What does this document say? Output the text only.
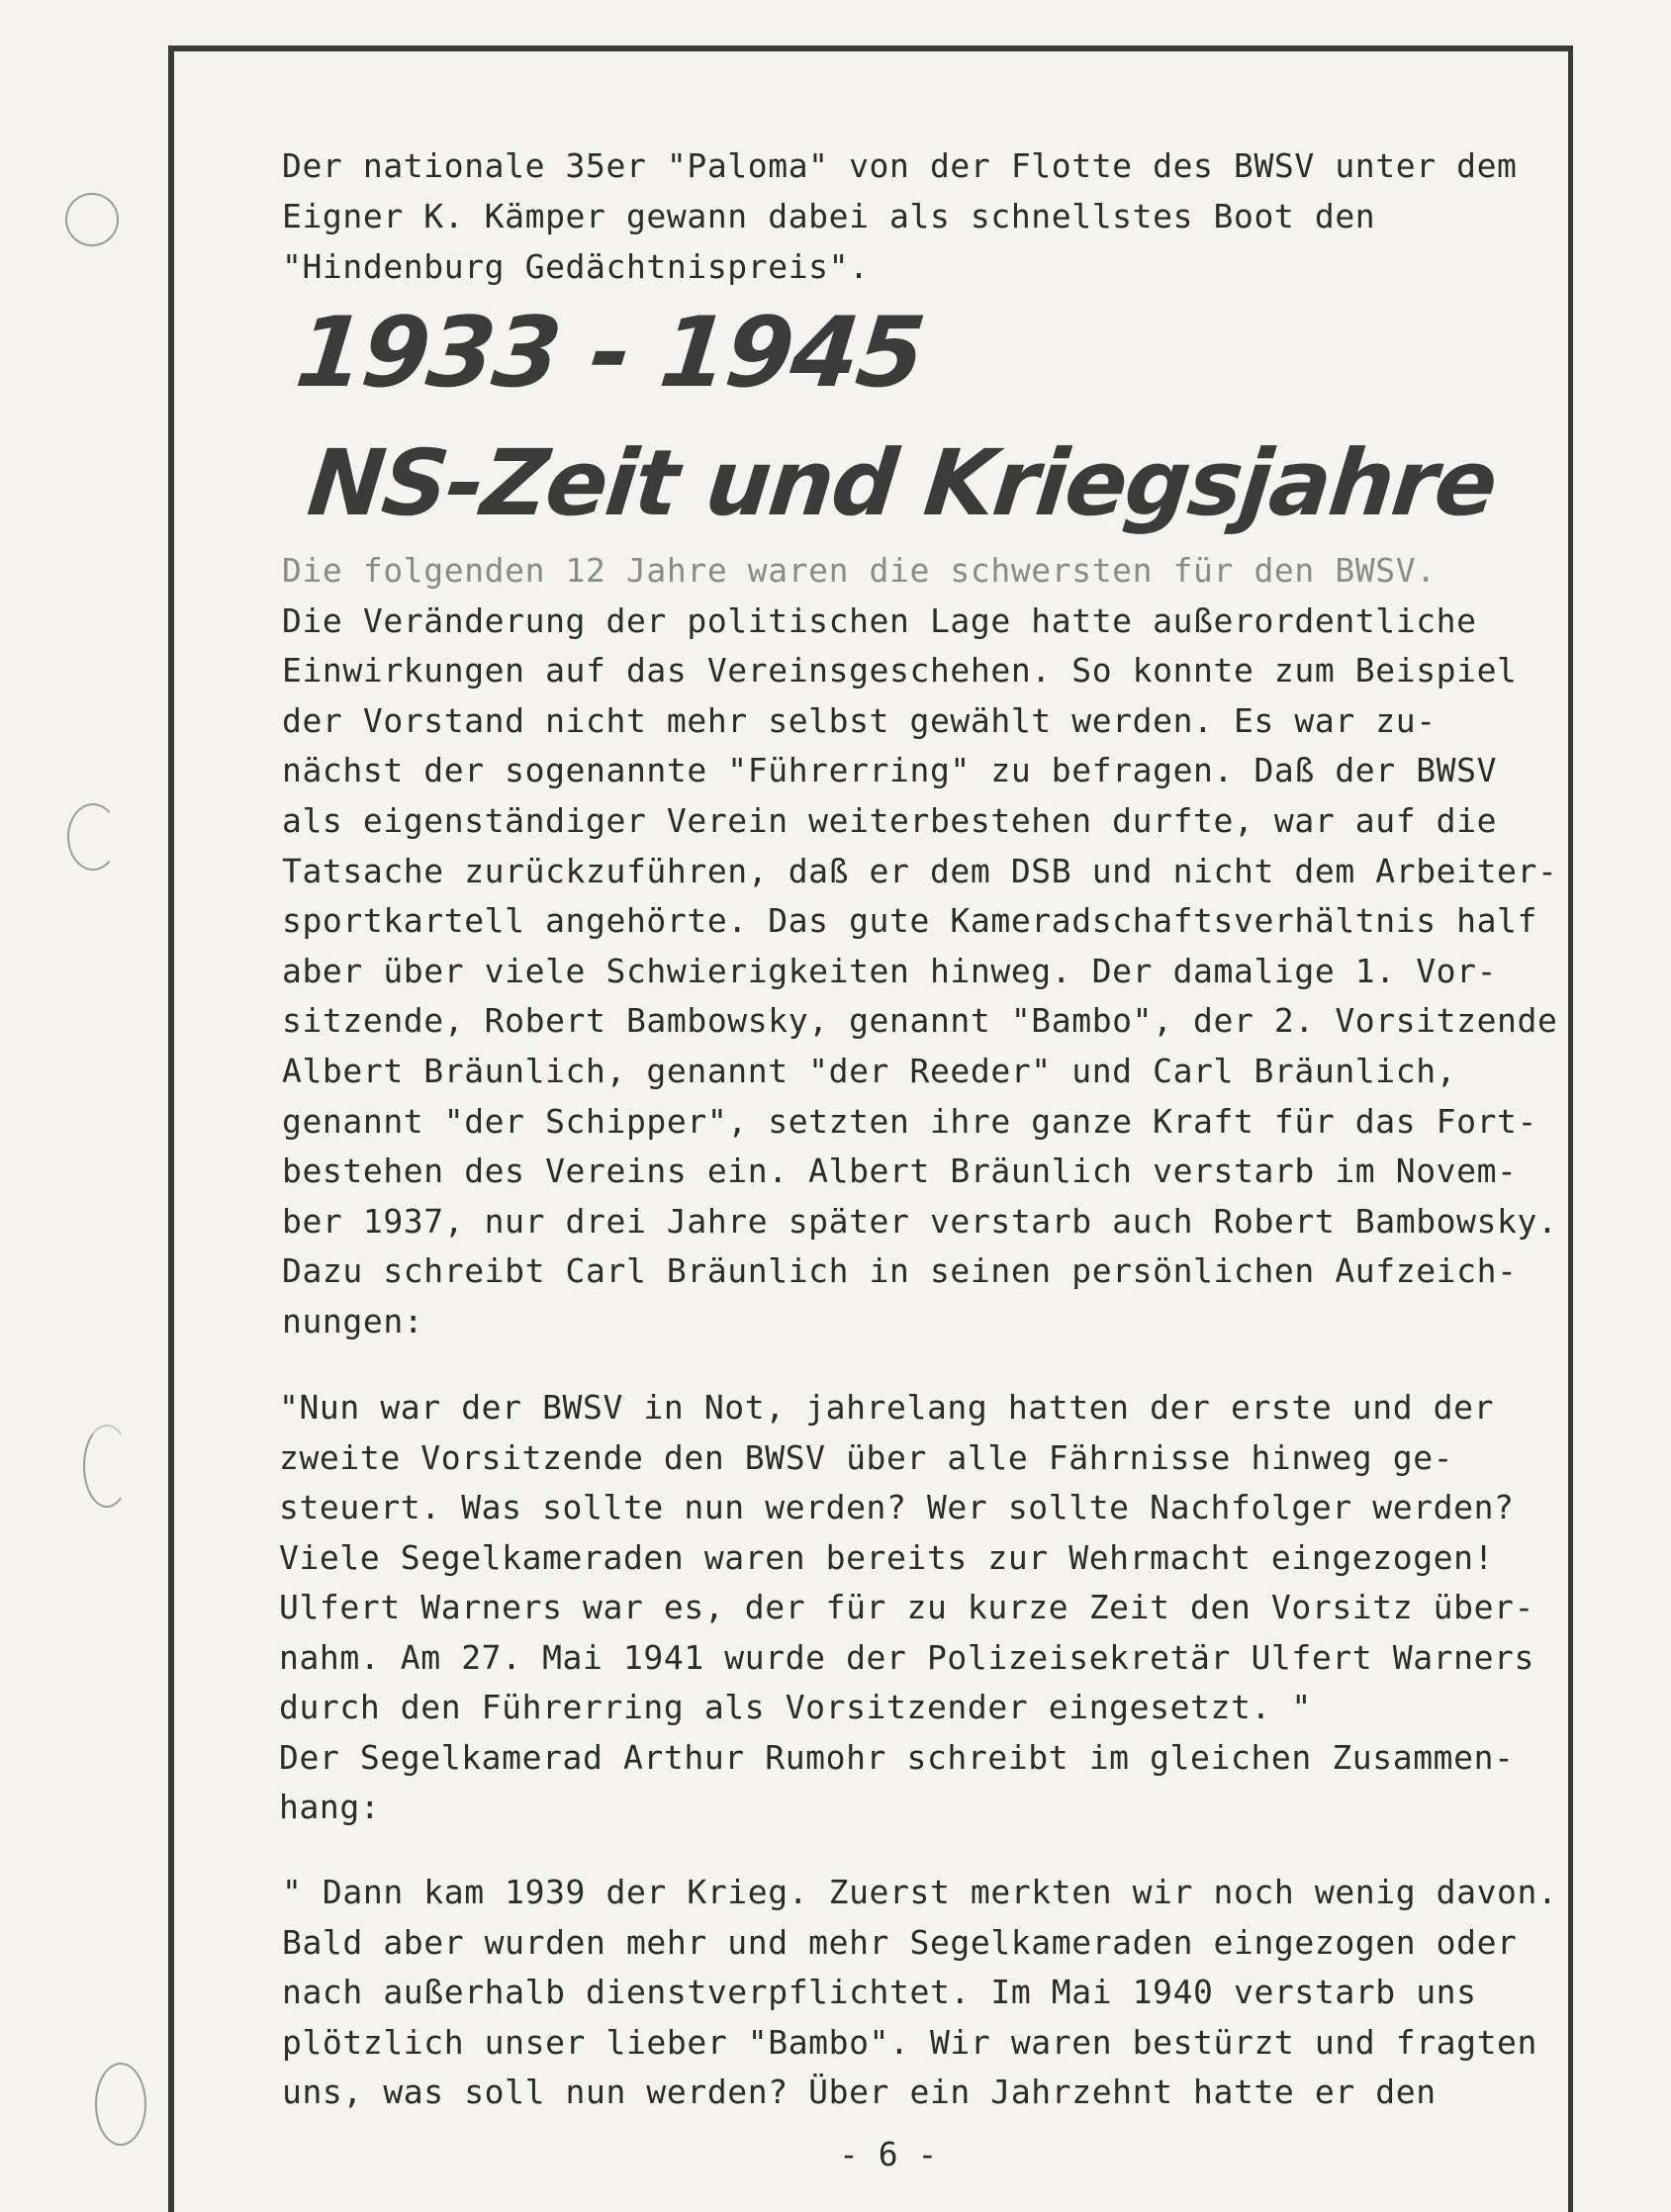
Der nationale 35er "Paloma" von der Flotte des BWSV unter dem
Eigner K. Kämper gewann dabei als schnellstes Boot den
"Hindenburg Gedächtnispreis".
1933 - 1945
NS-Zeit und Kriegsjahre
Die folgenden 12 Jahre waren die schwersten für den BWSV.
Die Veränderung der politischen Lage hatte außerordentliche
Einwirkungen auf das Vereinsgeschehen. So konnte zum Beispiel
der Vorstand nicht mehr selbst gewählt werden. Es war zu-
nächst der sogenannte "Führerring" zu befragen. Daß der BWSV
als eigenständiger Verein weiterbestehen durfte, war auf die
Tatsache zurückzuführen, daß er dem DSB und nicht dem Arbeiter-
sportkartell angehörte. Das gute Kameradschaftsverhältnis half
aber über viele Schwierigkeiten hinweg. Der damalige 1. Vor-
sitzende, Robert Bambowsky, genannt "Bambo", der 2. Vorsitzende
Albert Bräunlich, genannt "der Reeder" und Carl Bräunlich,
genannt "der Schipper", setzten ihre ganze Kraft für das Fort-
bestehen des Vereins ein. Albert Bräunlich verstarb im Novem-
ber 1937, nur drei Jahre später verstarb auch Robert Bambowsky.
Dazu schreibt Carl Bräunlich in seinen persönlichen Aufzeich-
nungen:
"Nun war der BWSV in Not, jahrelang hatten der erste und der
zweite Vorsitzende den BWSV über alle Fährnisse hinweg ge-
steuert. Was sollte nun werden? Wer sollte Nachfolger werden?
Viele Segelkameraden waren bereits zur Wehrmacht eingezogen!
Ulfert Warners war es, der für zu kurze Zeit den Vorsitz über-
nahm. Am 27. Mai 1941 wurde der Polizeisekretär Ulfert Warners
durch den Führerring als Vorsitzender eingesetzt. "
Der Segelkamerad Arthur Rumohr schreibt im gleichen Zusammen-
hang:
" Dann kam 1939 der Krieg. Zuerst merkten wir noch wenig davon.
Bald aber wurden mehr und mehr Segelkameraden eingezogen oder
nach außerhalb dienstverpflichtet. Im Mai 1940 verstarb uns
plötzlich unser lieber "Bambo". Wir waren bestürzt und fragten
uns, was soll nun werden? Über ein Jahrzehnt hatte er den
- 6 -
